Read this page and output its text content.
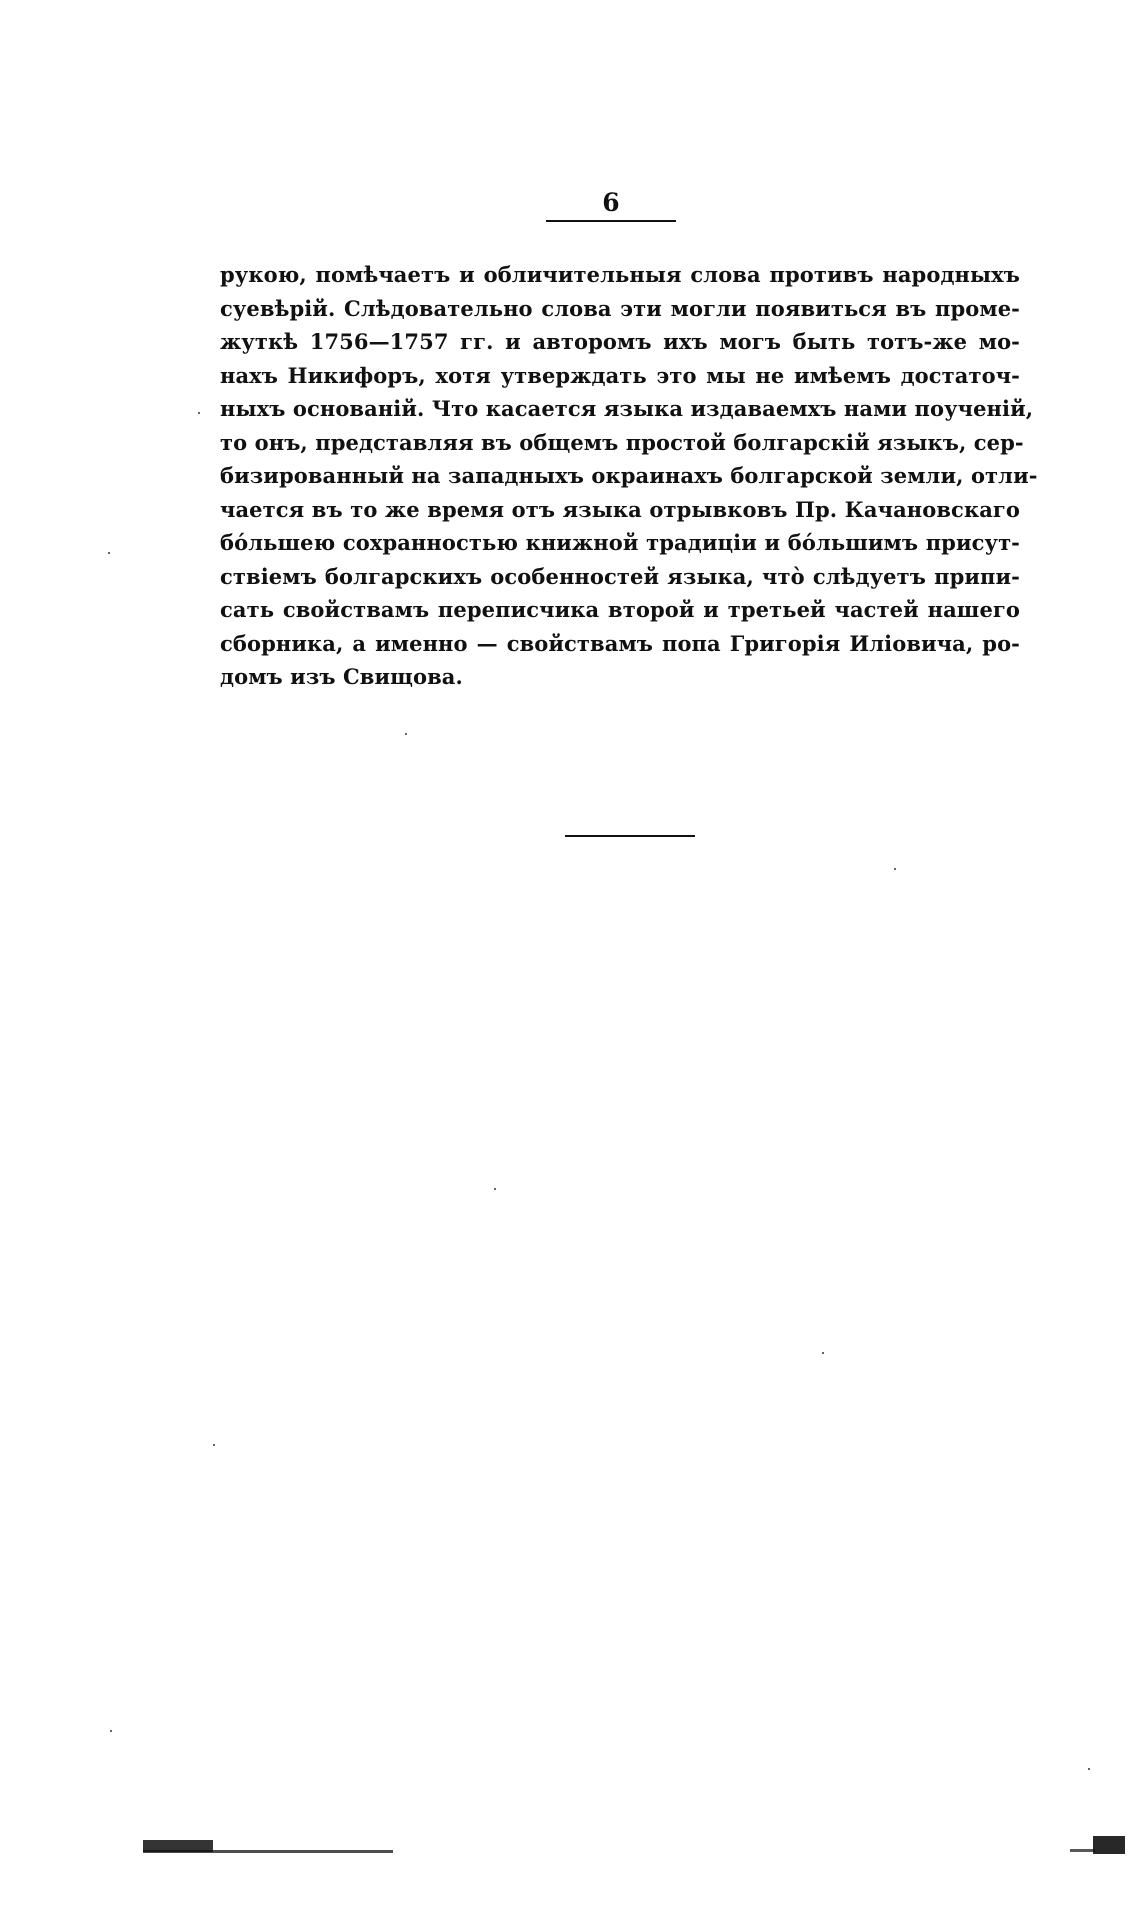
6
рукою, помѣчаетъ и обличительныя слова противъ народныхъ
суевѣрій. Слѣдовательно слова эти могли появиться въ проме-
жуткѣ 1756—1757 гг. и авторомъ ихъ могъ быть тотъ-же мо-
нахъ Никифоръ, хотя утверждать это мы не имѣемъ достаточ-
ныхъ основаній. Что касается языка издаваемхъ нами поученій,
то онъ, представляя въ общемъ простой болгарскій языкъ, сер-
бизированный на западныхъ окраинахъ болгарской земли, отли-
чается въ то же время отъ языка отрывковъ Пр. Качановскаго
бόльшею сохранностью книжной традиціи и бόльшимъ присут-
ствіемъ болгарскихъ особенностей языка, что̀ слѣдуетъ припи-
сать свойствамъ переписчика второй и третьей частей нашего
сборника, а именно — свойствамъ попа Григорія Иліовича, ро-
домъ изъ Свищова.
